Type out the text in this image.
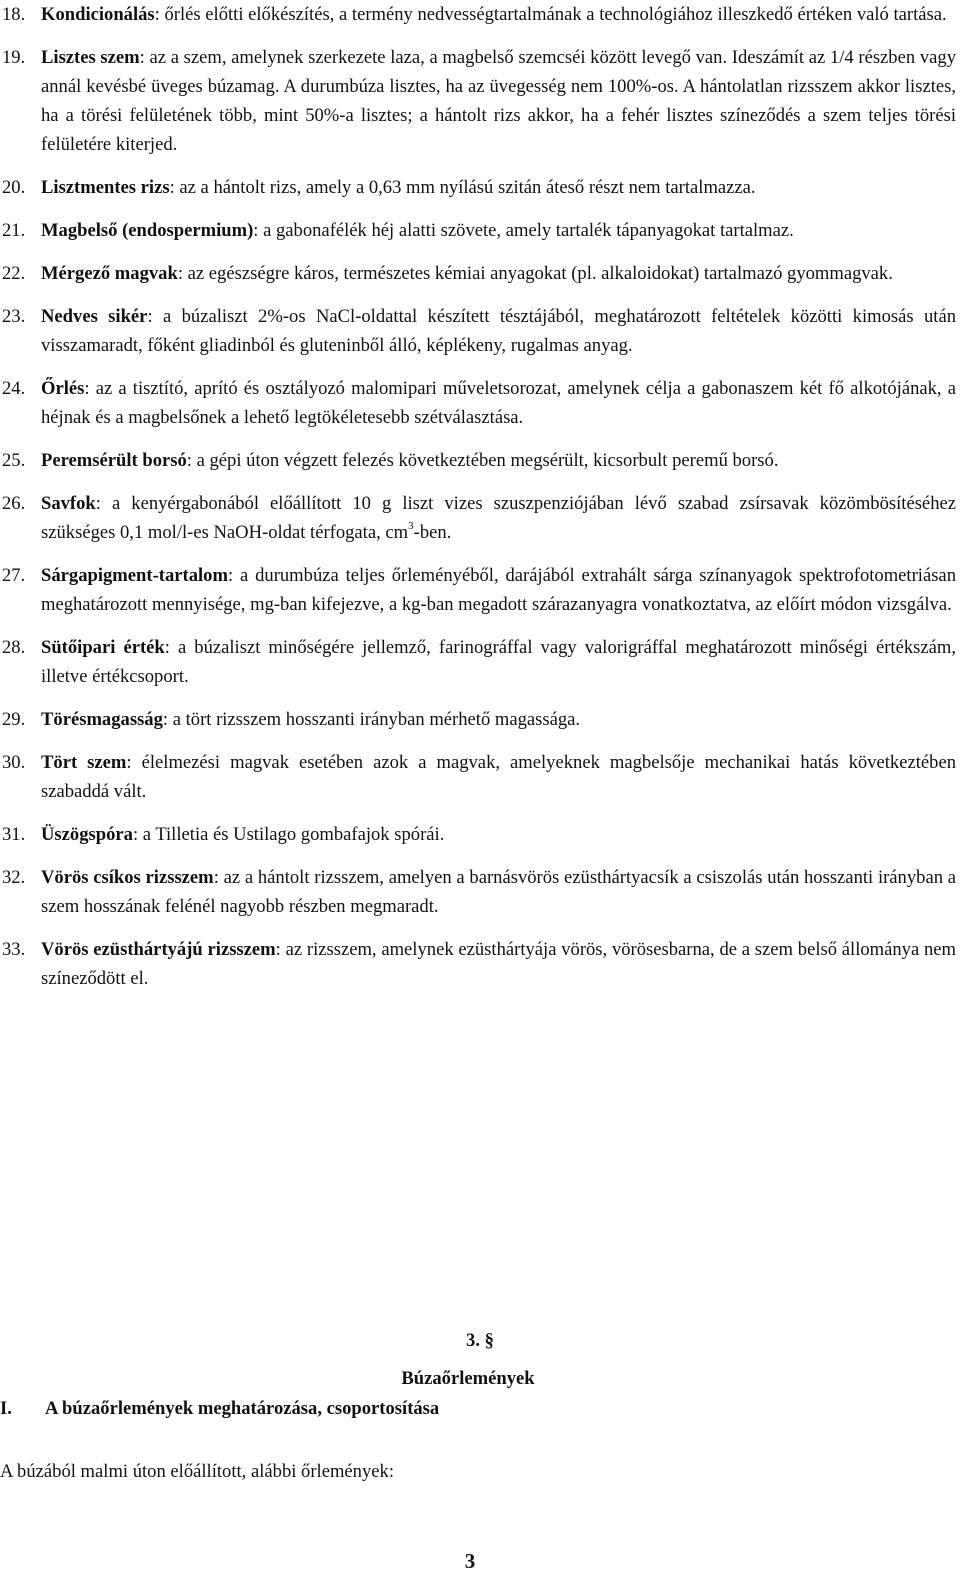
18. Kondicionálás: őrlés előtti előkészítés, a termény nedvességtartalmának a technológiához illeszkedő értéken való tartása.
19. Lisztes szem: az a szem, amelynek szerkezete laza, a magbelső szemcséi között levegő van. Ideszámít az 1/4 részben vagy annál kevésbé üveges búzamag. A durumbúza lisztes, ha az üvegesség nem 100%-os. A hántolatlan rizsszem akkor lisztes, ha a törési felületének több, mint 50%-a lisztes; a hántolt rizs akkor, ha a fehér lisztes színeződés a szem teljes törési felületére kiterjed.
20. Lisztmentes rizs: az a hántolt rizs, amely a 0,63 mm nyílású szitán áteső részt nem tartalmazza.
21. Magbelső (endospermium): a gabonafélék héj alatti szövete, amely tartalék tápanyagokat tartalmaz.
22. Mérgező magvak: az egészségre káros, természetes kémiai anyagokat (pl. alkaloidokat) tartalmazó gyommagvak.
23. Nedves sikér: a búzaliszt 2%-os NaCl-oldattal készített tésztájából, meghatározott feltételek közötti kimosás után visszamaradt, főként gliadinból és gluteninből álló, képlékeny, rugalmas anyag.
24. Őrlés: az a tisztító, aprító és osztályozó malomipari műveletsorozat, amelynek célja a gabonaszem két fő alkotójának, a héjnak és a magbelsőnek a lehető legtökéletesebb szétválasztása.
25. Peremsérült borsó: a gépi úton végzett felezés következtében megsérült, kicsorbult peremű borsó.
26. Savfok: a kenyérgabonából előállított 10 g liszt vizes szuszpenziójában lévő szabad zsírsavak közömbösítéséhez szükséges 0,1 mol/l-es NaOH-oldat térfogata, $cm^3$-ben.
27. Sárgapigment-tartalom: a durumbúza teljes őrleményéből, darájából extrahált sárga színanyagok spektrofotometriásan meghatározott mennyisége, mg-ban kifejezve, a kg-ban megadott szárazanyagra vonatkoztatva, az előírt módon vizsgálva.
28. Sütőipari érték: a búzaliszt minőségére jellemző, farinográffal vagy valorigráffal meghatározott minőségi értékszám, illetve értékcsoport.
29. Törésmagasság: a tört rizsszem hosszanti irányban mérhető magassága.
30. Tört szem: élelmezési magvak esetében azok a magvak, amelyeknek magbelsője mechanikai hatás következtében szabaddá vált.
31. Üszögspóra: a Tilletia és Ustilago gombafajok spórái.
32. Vörös csíkos rizsszem: az a hántolt rizsszem, amelyen a barnásvörös ezüsthártyacsík a csiszolás után hosszanti irányban a szem hosszának felénél nagyobb részben megmaradt.
33. Vörös ezüsthártyájú rizsszem: az rizsszem, amelynek ezüsthártyája vörös, vörösesbarna, de a szem belső állománya nem színeződött el.
3. §
Búzaőrlemények
I. A búzaőrlemények meghatározása, csoportosítása
A búzából malmi úton előállított, alábbi őrlemények:
3
